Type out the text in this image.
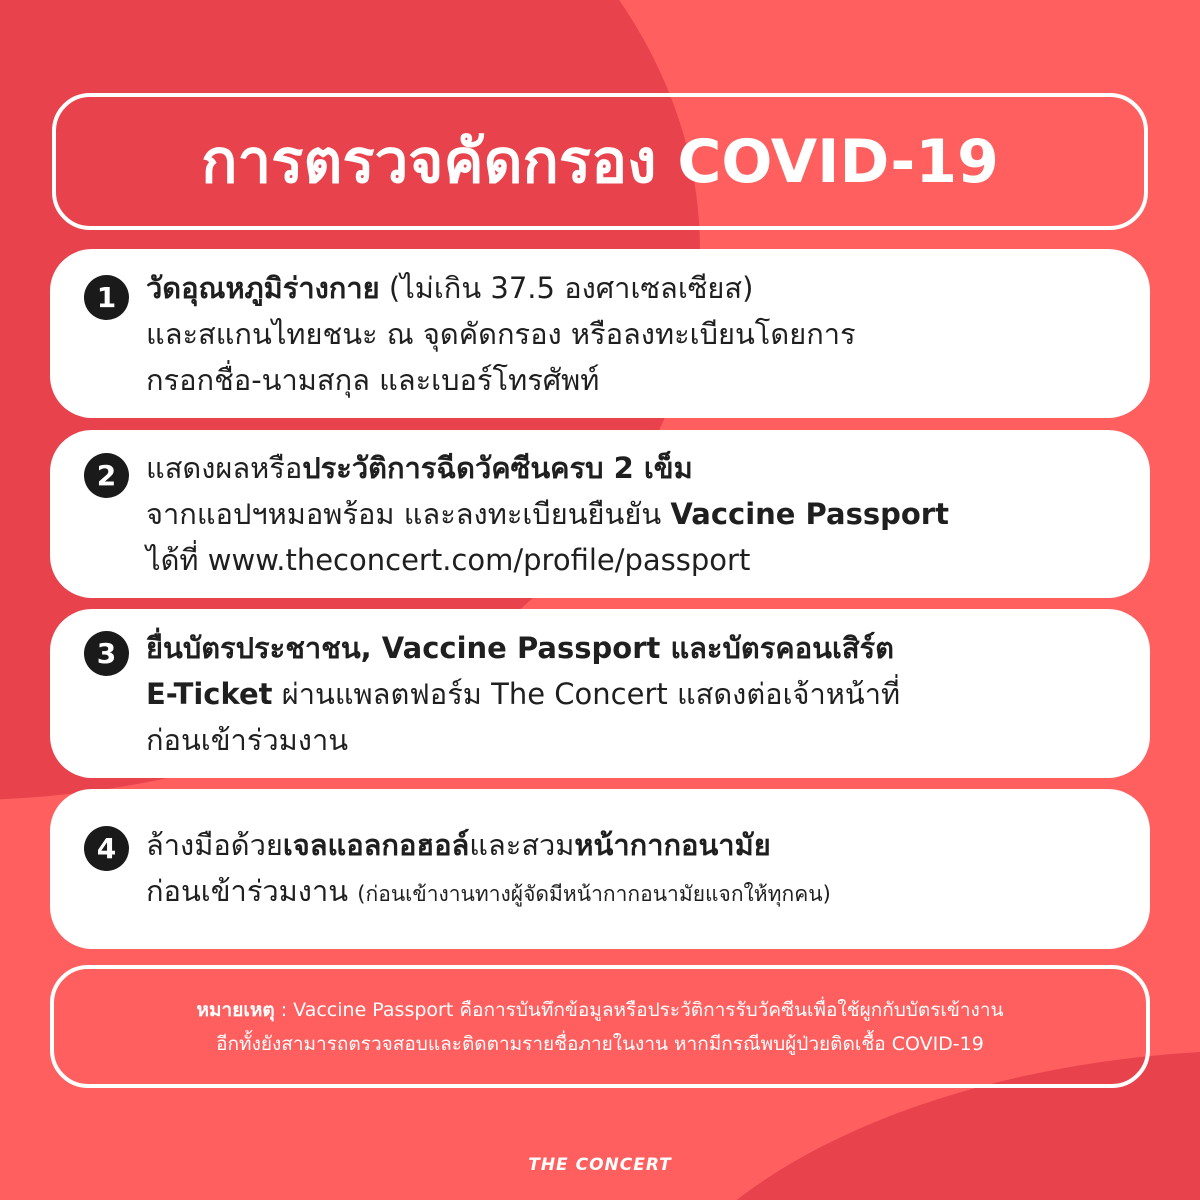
การตรวจคัดกรอง COVID-19
1	วัดอุณหภูมิร่างกาย (ไม่เกิน 37.5 องศาเซลเซียส)
และสแกนไทยชนะ ณ จุดคัดกรอง หรือลงทะเบียนโดยการ
กรอกชื่อ-นามสกุล และเบอร์โทรศัพท์
2	แสดงผลหรือประวัติการฉีดวัคซีนครบ 2 เข็ม
จากแอปฯหมอพร้อม และลงทะเบียนยืนยัน Vaccine Passport
ได้ที่ www.theconcert.com/profile/passport
3	ยื่นบัตรประชาชน, Vaccine Passport และบัตรคอนเสิร์ต
E-Ticket ผ่านแพลตฟอร์ม The Concert แสดงต่อเจ้าหน้าที่
ก่อนเข้าร่วมงาน
4	ล้างมือด้วยเจลแอลกอฮอล์และสวมหน้ากากอนามัย
ก่อนเข้าร่วมงาน (ก่อนเข้างานทางผู้จัดมีหน้ากากอนามัยแจกให้ทุกคน)
หมายเหตุ : Vaccine Passport คือการบันทึกข้อมูลหรือประวัติการรับวัคซีนเพื่อใช้ผูกกับบัตรเข้างาน
อีกทั้งยังสามารถตรวจสอบและติดตามรายชื่อภายในงาน หากมีกรณีพบผู้ป่วยติดเชื้อ COVID-19
THE CONCERT
